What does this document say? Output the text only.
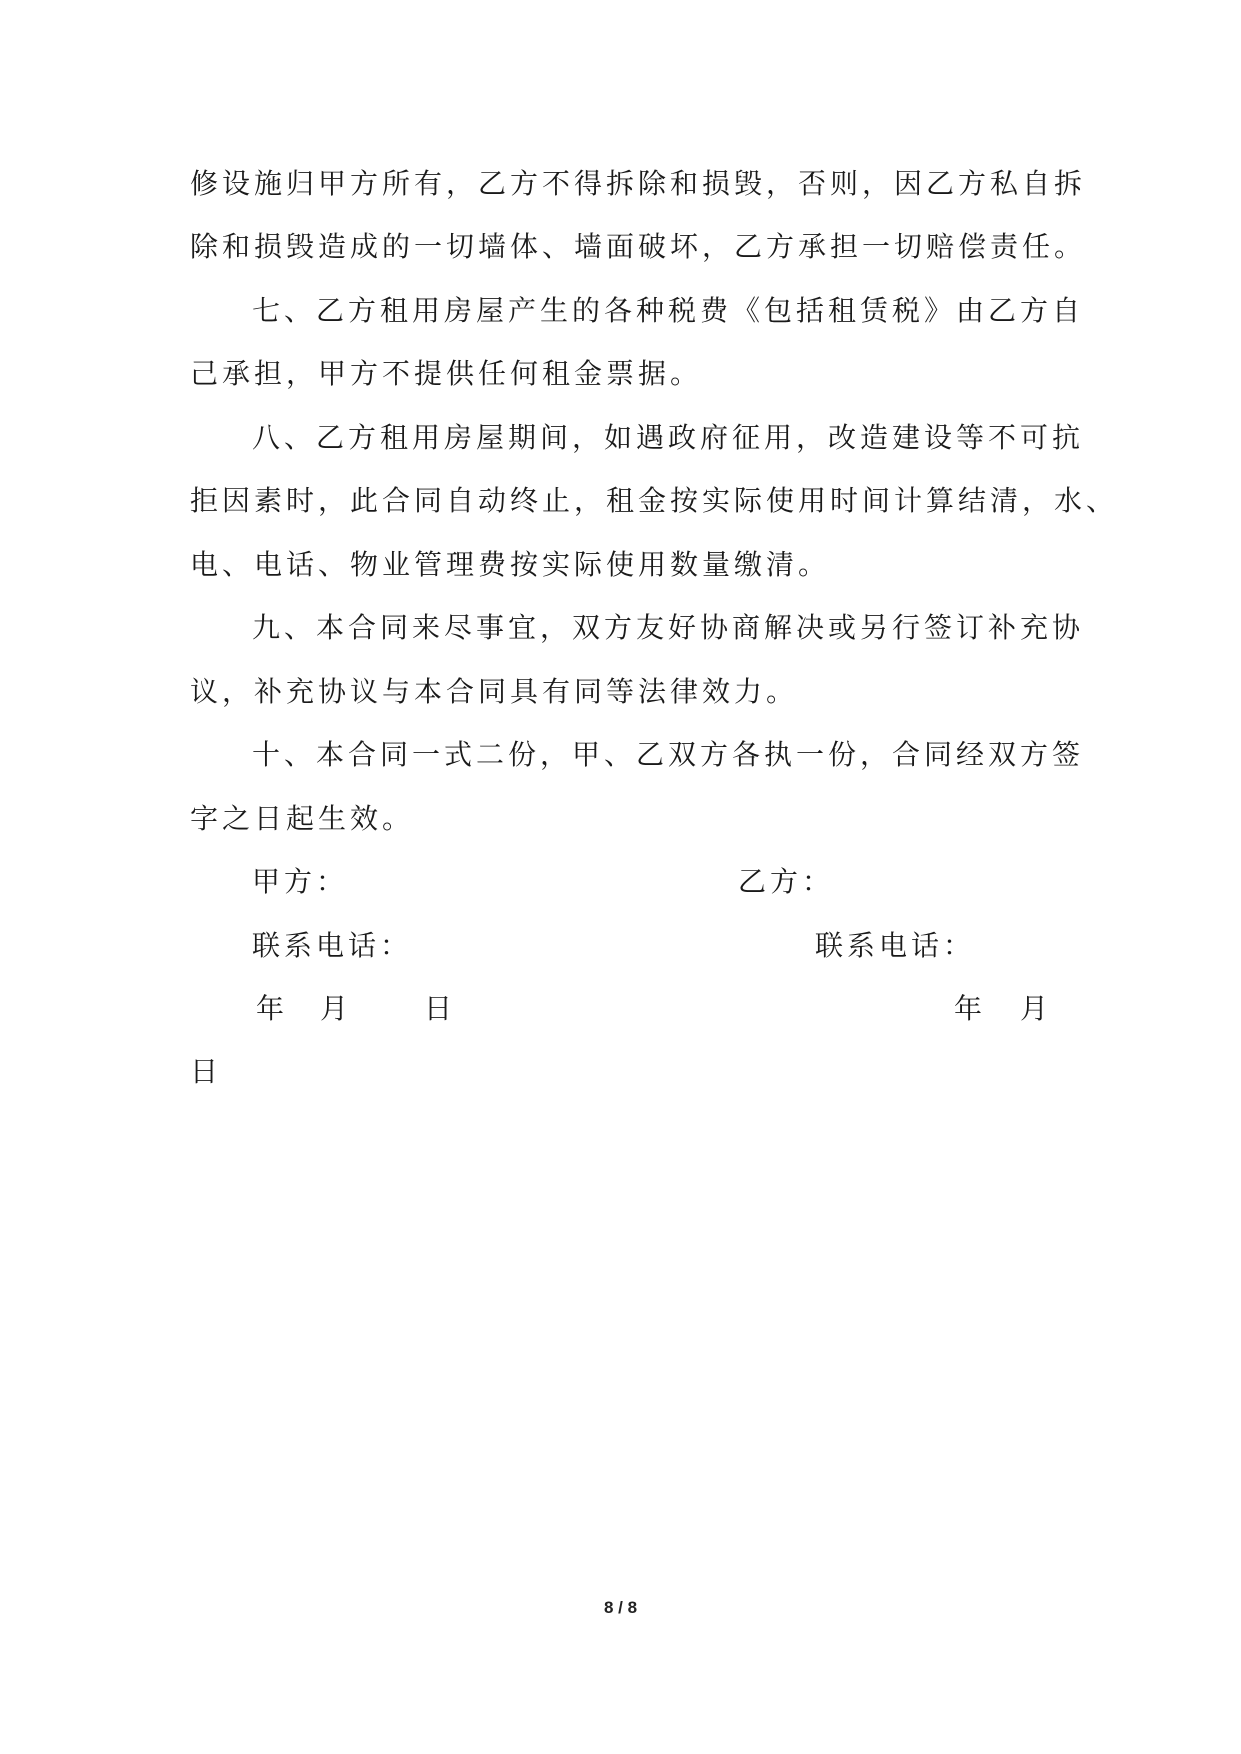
修设施归甲方所有，乙方不得拆除和损毁，否则，因乙方私自拆
除和损毁造成的一切墙体、墙面破坏，乙方承担一切赔偿责任。
七、乙方租用房屋产生的各种税费《包括租赁税》由乙方自
己承担，甲方不提供任何租金票据。
八、乙方租用房屋期间，如遇政府征用，改造建设等不可抗
拒因素时，此合同自动终止，租金按实际使用时间计算结清，水、
电、电话、物业管理费按实际使用数量缴清。
九、本合同来尽事宜，双方友好协商解决或另行签订补充协
议，补充协议与本合同具有同等法律效力。
十、本合同一式二份，甲、乙双方各执一份，合同经双方签
字之日起生效。
甲方：	乙方：
联系电话：	联系电话：
年 月	日	年 月
日
8 / 8
